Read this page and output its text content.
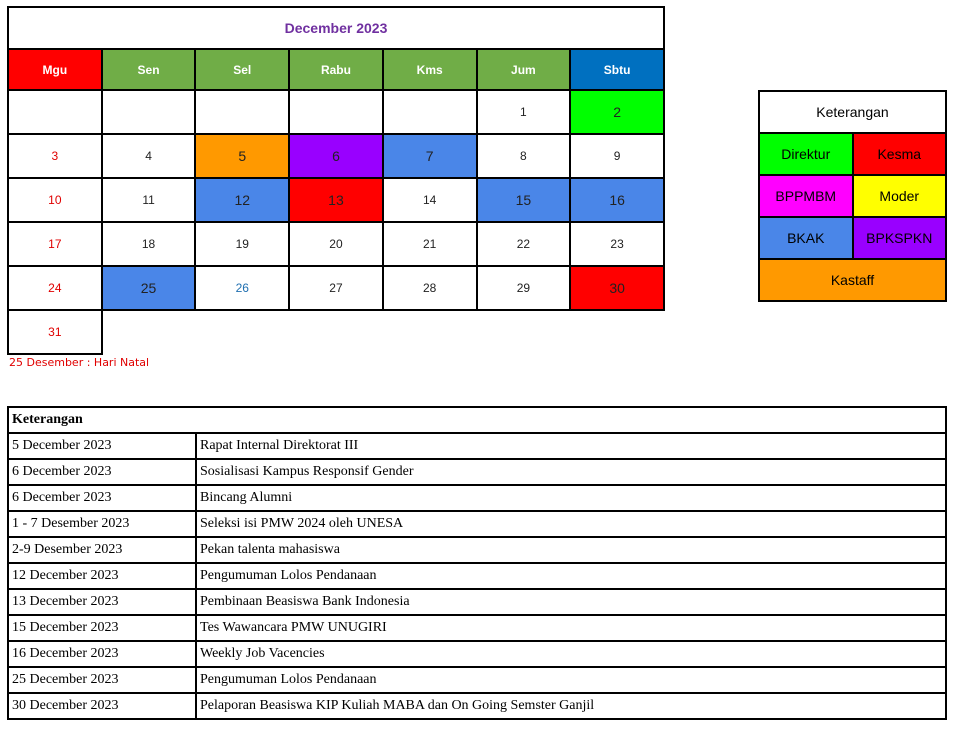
December 2023						
Mgu	Sen	Sel	Rabu	Kms	Jum	Sbtu
					1	2
3	4	5	6	7	8	9
10	11	12	13	14	15	16
17	18	19	20	21	22	23
24	25	26	27	28	29	30
31						
Keterangan	
Direktur	Kesma
BPPMBM	Moder
BKAK	BPKSPKN
Kastaff	
25 Desember : Hari Natal
Keterangan	
5 December 2023	Rapat Internal Direktorat III
6 December 2023	Sosialisasi Kampus Responsif Gender
6 December 2023	Bincang Alumni
1 - 7 Desember 2023	Seleksi isi PMW 2024 oleh UNESA
2-9 Desember 2023	Pekan talenta mahasiswa
12 December 2023	Pengumuman Lolos Pendanaan
13 December 2023	Pembinaan Beasiswa Bank Indonesia
15 December 2023	Tes Wawancara PMW UNUGIRI
16 December 2023	Weekly Job Vacencies
25 December 2023	Pengumuman Lolos Pendanaan
30 December 2023	Pelaporan Beasiswa KIP Kuliah MABA dan On Going Semster Ganjil
